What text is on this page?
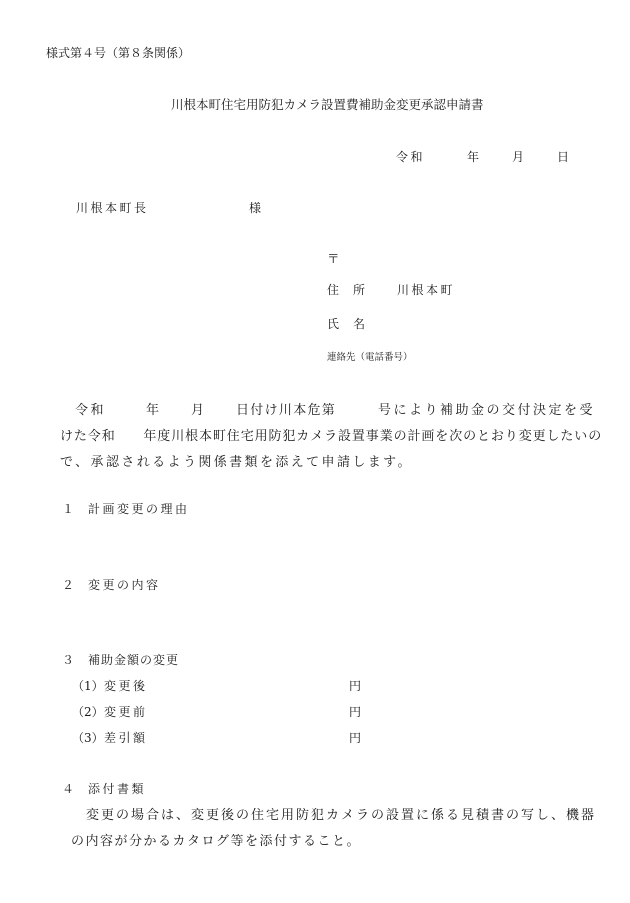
様式第４号（第８条関係）
川根本町住宅用防犯カメラ設置費補助金変更承認申請書
令和	年	月	日
川根本町長	様
〒
住　所	川根本町
氏　名
連絡先（電話番号）
令和	年 月 日付け川本危第	号により補助金の交付決定を受
けた令和　　年度川根本町住宅用防犯カメラ設置事業の計画を次のとおり変更したいの
で、承認されるよう関係書類を添えて申請します。
１ 計画変更の理由
２ 変更の内容
３ 補助金額の変更
（1） 変更後	円
（2） 変更前	円
（3） 差引額	円
４ 添付書類
変更の場合は、変更後の住宅用防犯カメラの設置に係る見積書の写し、機器
の内容が分かるカタログ等を添付すること。
